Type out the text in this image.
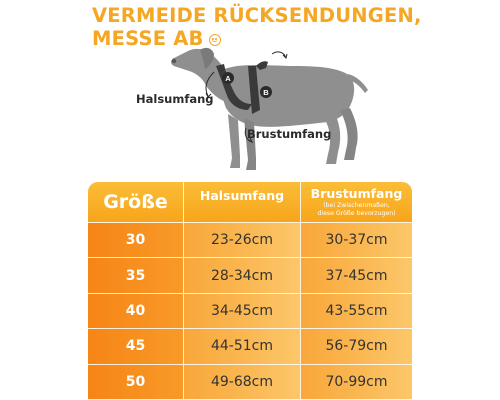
VERMEIDE RÜCKSENDUNGEN,
MESSE AB
A
B
Halsumfang
Brustumfang
Größe	Halsumfang	Brustumfang
(bei Zwischenmaßen,
diese Größe bevorzugen)
30	23-26cm	30-37cm
35	28-34cm	37-45cm
40	34-45cm	43-55cm
45	44-51cm	56-79cm
50	49-68cm	70-99cm
